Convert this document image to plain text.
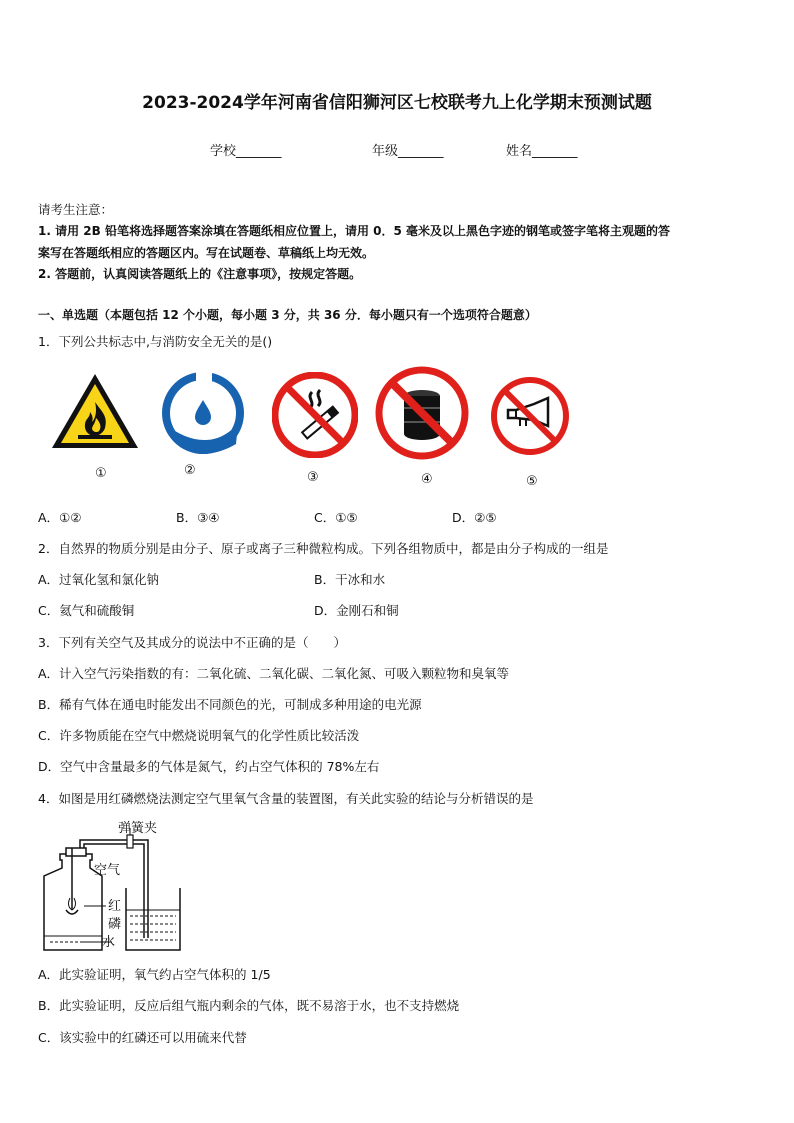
2023-2024学年河南省信阳狮河区七校联考九上化学期末预测试题
学校_______	年级_______	姓名_______
请考生注意：
1. 请用 2B 铅笔将选择题答案涂填在答题纸相应位置上，请用 0．5 毫米及以上黑色字迹的钢笔或签字笔将主观题的答
案写在答题纸相应的答题区内。写在试题卷、草稿纸上均无效。
2. 答题前，认真阅读答题纸上的《注意事项》，按规定答题。
一、单选题（本题包括 12 个小题，每小题 3 分，共 36 分．每小题只有一个选项符合题意）
1．下列公共标志中,与消防安全无关的是()
①	②	③	④	⑤
A．①②	B．③④	C．①⑤	D．②⑤
2．自然界的物质分别是由分子、原子或离子三种微粒构成。下列各组物质中，都是由分子构成的一组是
A．过氧化氢和氯化钠	B．干冰和水
C．氦气和硫酸铜	D．金刚石和铜
3．下列有关空气及其成分的说法中不正确的是（　　）
A．计入空气污染指数的有：二氧化硫、二氧化碳、二氧化氮、可吸入颗粒物和臭氧等
B．稀有气体在通电时能发出不同颜色的光，可制成多种用途的电光源
C．许多物质能在空气中燃烧说明氧气的化学性质比较活泼
D．空气中含量最多的气体是氮气，约占空气体积的 78%左右
4．如图是用红磷燃烧法测定空气里氧气含量的装置图，有关此实验的结论与分析错误的是
弹簧夹
空气
红
磷
水
A．此实验证明，氧气约占空气体积的 1/5
B．此实验证明，反应后组气瓶内剩余的气体，既不易溶于水，也不支持燃烧
C．该实验中的红磷还可以用硫来代替
